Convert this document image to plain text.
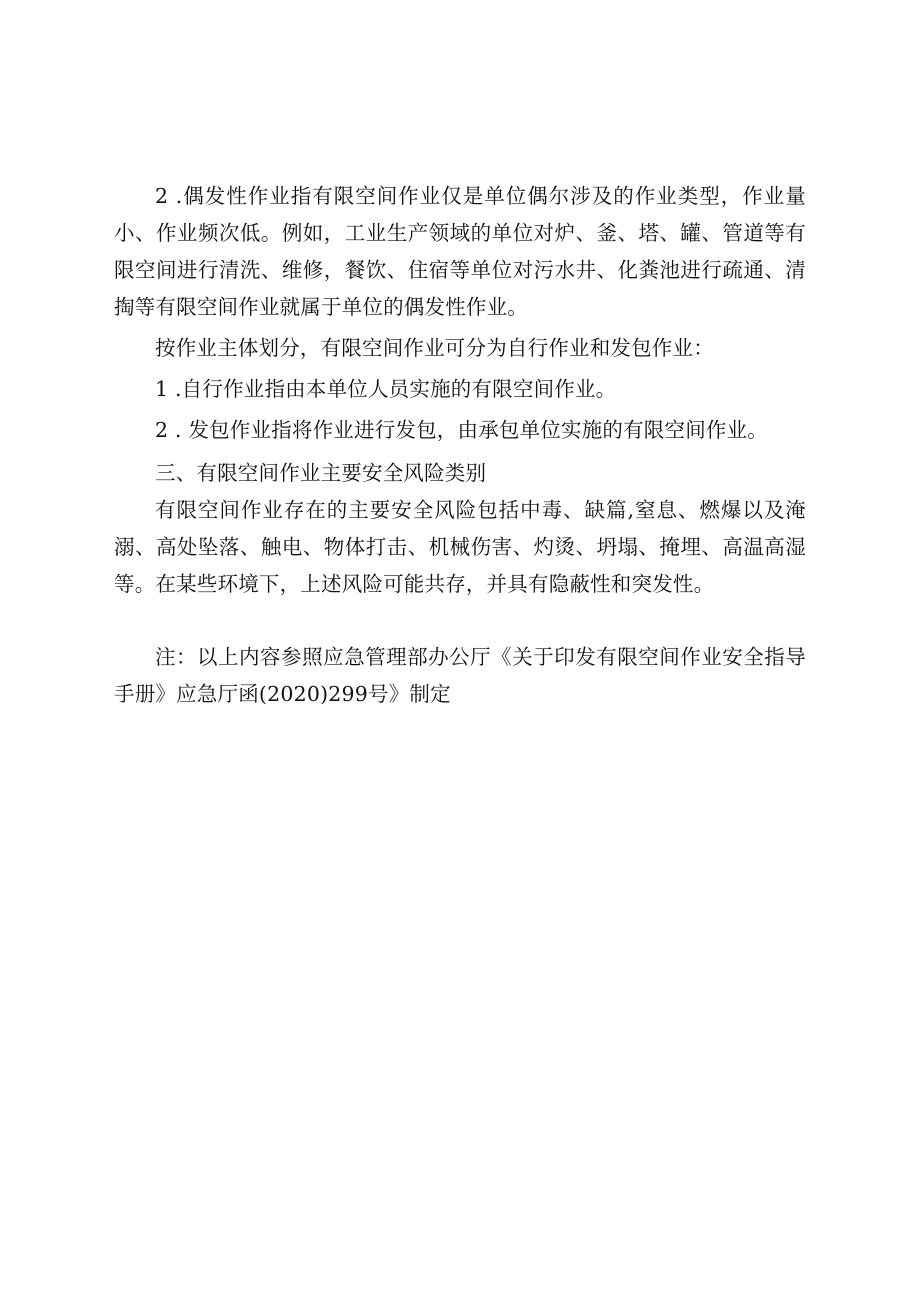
2 .偶发性作业指有限空间作业仅是单位偶尔涉及的作业类型，作业量小、作业频次低。例如，工业生产领域的单位对炉、釜、塔、罐、管道等有限空间进行清洗、维修，餐饮、住宿等单位对污水井、化粪池进行疏通、清掏等有限空间作业就属于单位的偶发性作业。

按作业主体划分，有限空间作业可分为自行作业和发包作业：

1 .自行作业指由本单位人员实施的有限空间作业。

2 . 发包作业指将作业进行发包，由承包单位实施的有限空间作业。

三、有限空间作业主要安全风险类别

有限空间作业存在的主要安全风险包括中毒、缺篇,窒息、燃爆以及淹溺、高处坠落、触电、物体打击、机械伤害、灼烫、坍塌、掩埋、高温高湿等。在某些环境下，上述风险可能共存，并具有隐蔽性和突发性。

注：以上内容参照应急管理部办公厅《关于印发有限空间作业安全指导手册》应急厅函(2020)299号》制定
